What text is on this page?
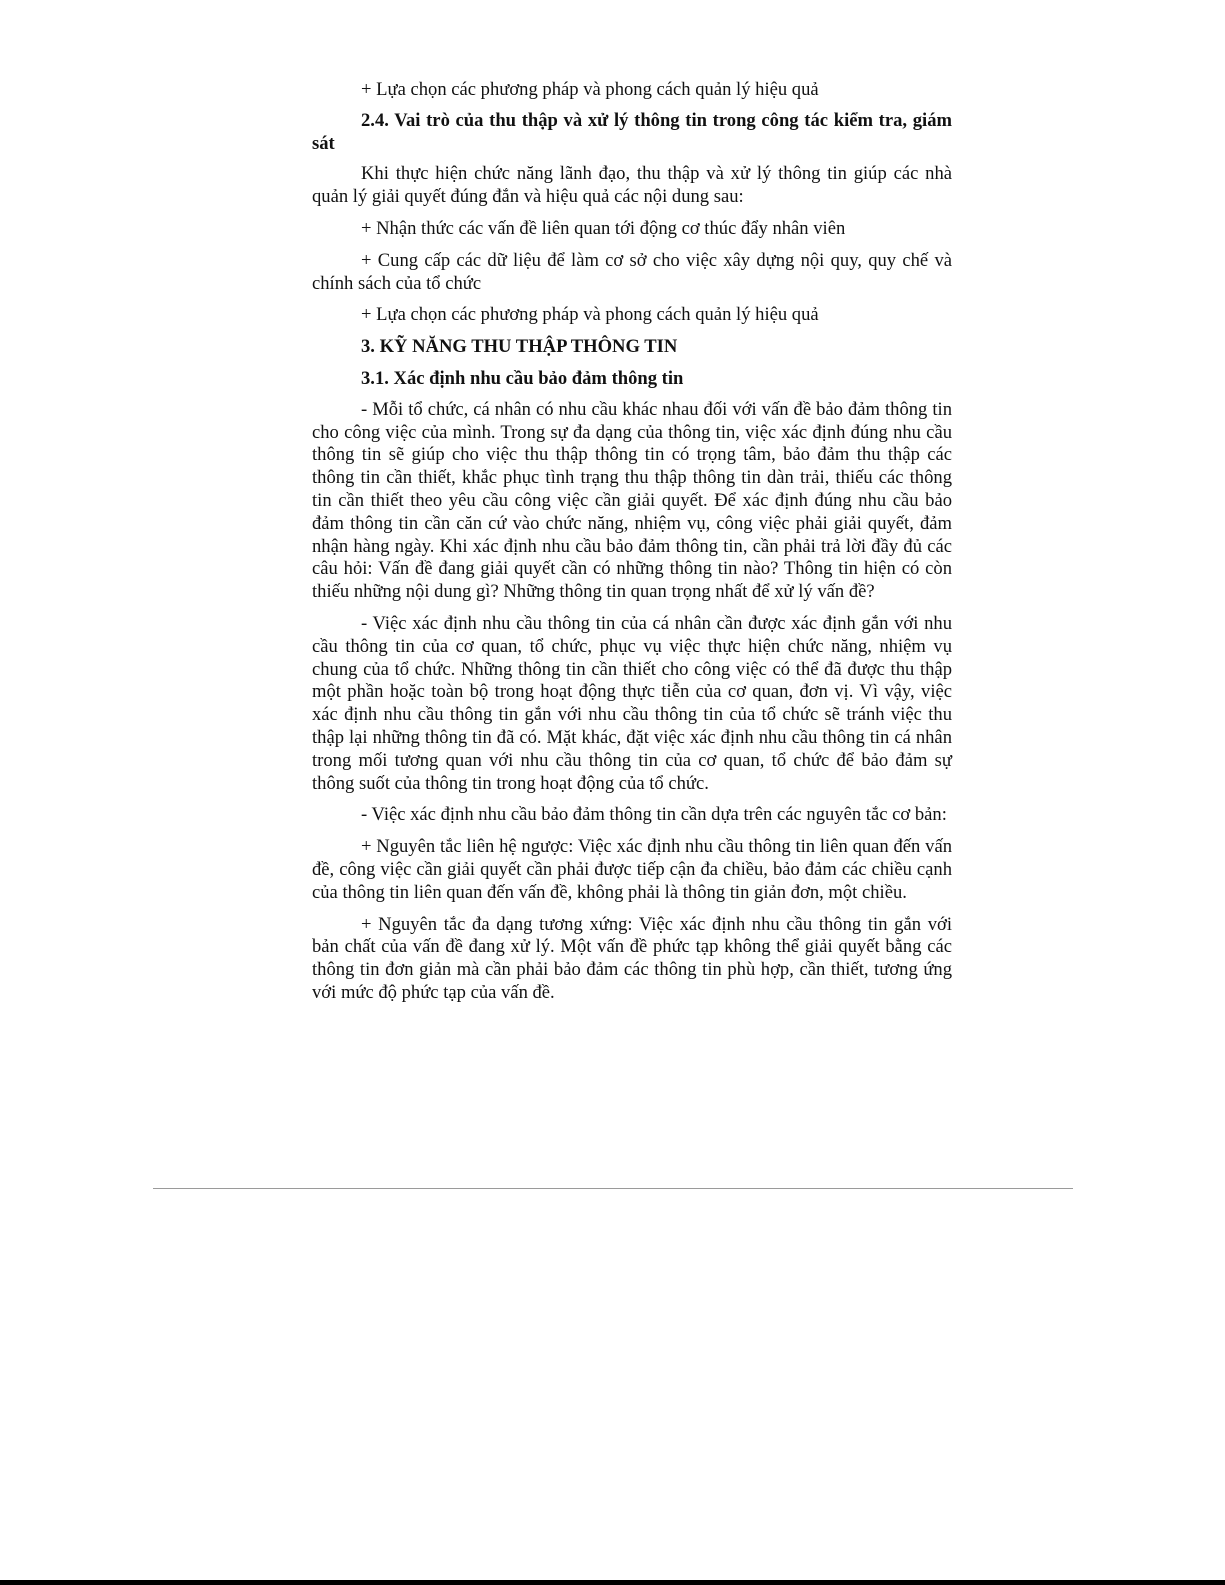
+ Lựa chọn các phương pháp và phong cách quản lý hiệu quả

2.4. Vai trò của thu thập và xử lý thông tin trong công tác kiểm tra, giám sát

Khi thực hiện chức năng lãnh đạo, thu thập và xử lý thông tin giúp các nhà quản lý giải quyết đúng đắn và hiệu quả các nội dung sau:

+ Nhận thức các vấn đề liên quan tới động cơ thúc đẩy nhân viên

+ Cung cấp các dữ liệu để làm cơ sở cho việc xây dựng nội quy, quy chế và chính sách của tổ chức

+ Lựa chọn các phương pháp và phong cách quản lý hiệu quả

3. KỸ NĂNG THU THẬP THÔNG TIN

3.1. Xác định nhu cầu bảo đảm thông tin

- Mỗi tổ chức, cá nhân có nhu cầu khác nhau đối với vấn đề bảo đảm thông tin cho công việc của mình. Trong sự đa dạng của thông tin, việc xác định đúng nhu cầu thông tin sẽ giúp cho việc thu thập thông tin có trọng tâm, bảo đảm thu thập các thông tin cần thiết, khắc phục tình trạng thu thập thông tin dàn trải, thiếu các thông tin cần thiết theo yêu cầu công việc cần giải quyết. Để xác định đúng nhu cầu bảo đảm thông tin cần căn cứ vào chức năng, nhiệm vụ, công việc phải giải quyết, đảm nhận hàng ngày. Khi xác định nhu cầu bảo đảm thông tin, cần phải trả lời đầy đủ các câu hỏi: Vấn đề đang giải quyết cần có những thông tin nào? Thông tin hiện có còn thiếu những nội dung gì? Những thông tin quan trọng nhất để xử lý vấn đề?

- Việc xác định nhu cầu thông tin của cá nhân cần được xác định gắn với nhu cầu thông tin của cơ quan, tổ chức, phục vụ việc thực hiện chức năng, nhiệm vụ chung của tổ chức. Những thông tin cần thiết cho công việc có thể đã được thu thập một phần hoặc toàn bộ trong hoạt động thực tiễn của cơ quan, đơn vị. Vì vậy, việc xác định nhu cầu thông tin gắn với nhu cầu thông tin của tổ chức sẽ tránh việc thu thập lại những thông tin đã có. Mặt khác, đặt việc xác định nhu cầu thông tin cá nhân trong mối tương quan với nhu cầu thông tin của cơ quan, tổ chức để bảo đảm sự thông suốt của thông tin trong hoạt động của tổ chức.

- Việc xác định nhu cầu bảo đảm thông tin cần dựa trên các nguyên tắc cơ bản:

+ Nguyên tắc liên hệ ngược: Việc xác định nhu cầu thông tin liên quan đến vấn đề, công việc cần giải quyết cần phải được tiếp cận đa chiều, bảo đảm các chiều cạnh của thông tin liên quan đến vấn đề, không phải là thông tin giản đơn, một chiều.

+ Nguyên tắc đa dạng tương xứng: Việc xác định nhu cầu thông tin gắn với bản chất của vấn đề đang xử lý. Một vấn đề phức tạp không thể giải quyết bằng các thông tin đơn giản mà cần phải bảo đảm các thông tin phù hợp, cần thiết, tương ứng với mức độ phức tạp của vấn đề.
